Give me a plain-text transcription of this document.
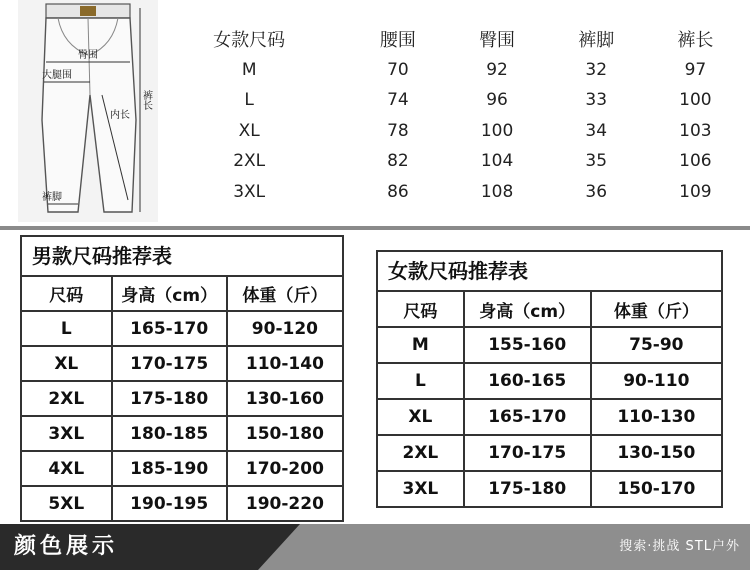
臀围
大腿围
内长
裤长
裤脚
女款尺码	腰围	臀围	裤脚	裤长
M	70	92	32	97
L	74	96	33	100
XL	78	100	34	103
2XL	82	104	35	106
3XL	86	108	36	109
男款尺码推荐表
尺码	身高（cm）	体重（斤）
L	165-170	90-120
XL	170-175	110-140
2XL	175-180	130-160
3XL	180-185	150-180
4XL	185-190	170-200
5XL	190-195	190-220
女款尺码推荐表
尺码	身高（cm）	体重（斤）
M	155-160	75-90
L	160-165	90-110
XL	165-170	110-130
2XL	170-175	130-150
3XL	175-180	150-170
颜色展示	搜索·挑战 STL户外
